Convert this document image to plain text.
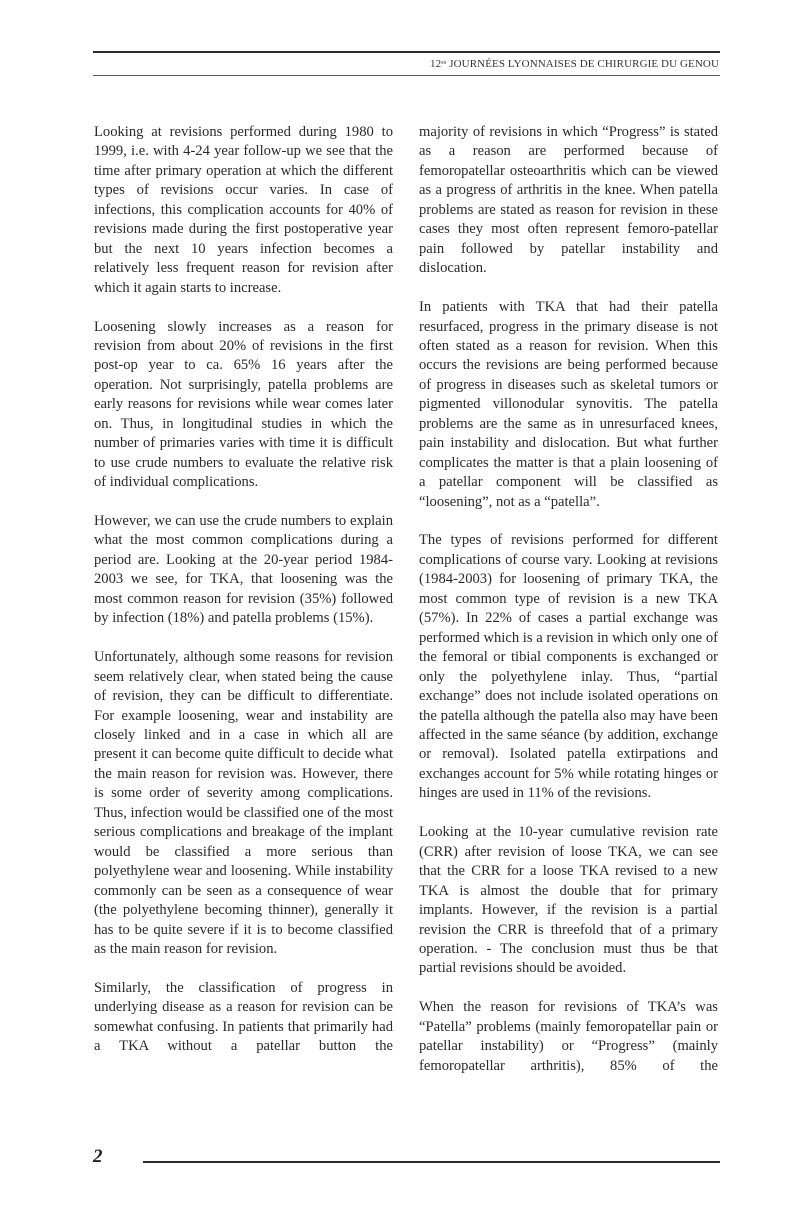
$12^{es}$ JOURNÉES LYONNAISES DE CHIRURGIE DU GENOU

Looking at revisions performed during 1980 to 1999, i.e. with 4-24 year follow-up we see that the time after primary operation at which the different types of revisions occur varies. In case of infections, this complication accounts for 40% of revisions made during the first postoperative year but the next 10 years infection becomes a relatively less frequent reason for revision after which it again starts to increase.

Loosening slowly increases as a reason for revision from about 20% of revisions in the first post-op year to ca. 65% 16 years after the operation. Not surprisingly, patella problems are early reasons for revisions while wear comes later on. Thus, in longitudinal studies in which the number of primaries varies with time it is difficult to use crude numbers to evaluate the relative risk of individual complications.

However, we can use the crude numbers to explain what the most common complications during a period are. Looking at the 20-year period 1984-2003 we see, for TKA, that loosening was the most common reason for revision (35%) followed by infection (18%) and patella problems (15%).

Unfortunately, although some reasons for revision seem relatively clear, when stated being the cause of revision, they can be difficult to differentiate. For example loosening, wear and instability are closely linked and in a case in which all are present it can become quite difficult to decide what the main reason for revision was. However, there is some order of severity among complications. Thus, infection would be classified one of the most serious complications and breakage of the implant would be classified a more serious than polyethylene wear and loosening. While instability commonly can be seen as a consequence of wear (the polyethylene becoming thinner), generally it has to be quite severe if it is to become classified as the main reason for revision.

Similarly, the classification of progress in underlying disease as a reason for revision can be somewhat confusing. In patients that primarily had a TKA without a patellar button the

majority of revisions in which “Progress” is stated as a reason are performed because of femoropatellar osteoarthritis which can be viewed as a progress of arthritis in the knee. When patella problems are stated as reason for revision in these cases they most often represent femoro-patellar pain followed by patellar instability and dislocation.

In patients with TKA that had their patella resurfaced, progress in the primary disease is not often stated as a reason for revision. When this occurs the revisions are being performed because of progress in diseases such as skeletal tumors or pigmented villonodular synovitis. The patella problems are the same as in unresurfaced knees, pain instability and dislocation. But what further complicates the matter is that a plain loosening of a patellar component will be classified as “loosening”, not as a “patella”.

The types of revisions performed for different complications of course vary. Looking at revisions (1984-2003) for loosening of primary TKA, the most common type of revision is a new TKA (57%). In 22% of cases a partial exchange was performed which is a revision in which only one of the femoral or tibial components is exchanged or only the polyethylene inlay. Thus, “partial exchange” does not include isolated operations on the patella although the patella also may have been affected in the same séance (by addition, exchange or removal). Isolated patella extirpations and exchanges account for 5% while rotating hinges or hinges are used in 11% of the revisions.

Looking at the 10-year cumulative revision rate (CRR) after revision of loose TKA, we can see that the CRR for a loose TKA revised to a new TKA is almost the double that for primary implants. However, if the revision is a partial revision the CRR is threefold that of a primary operation. - The conclusion must thus be that partial revisions should be avoided.

When the reason for revisions of TKA’s was “Patella” problems (mainly femoropatellar pain or patellar instability) or “Progress” (mainly femoropatellar arthritis), 85% of the

2
